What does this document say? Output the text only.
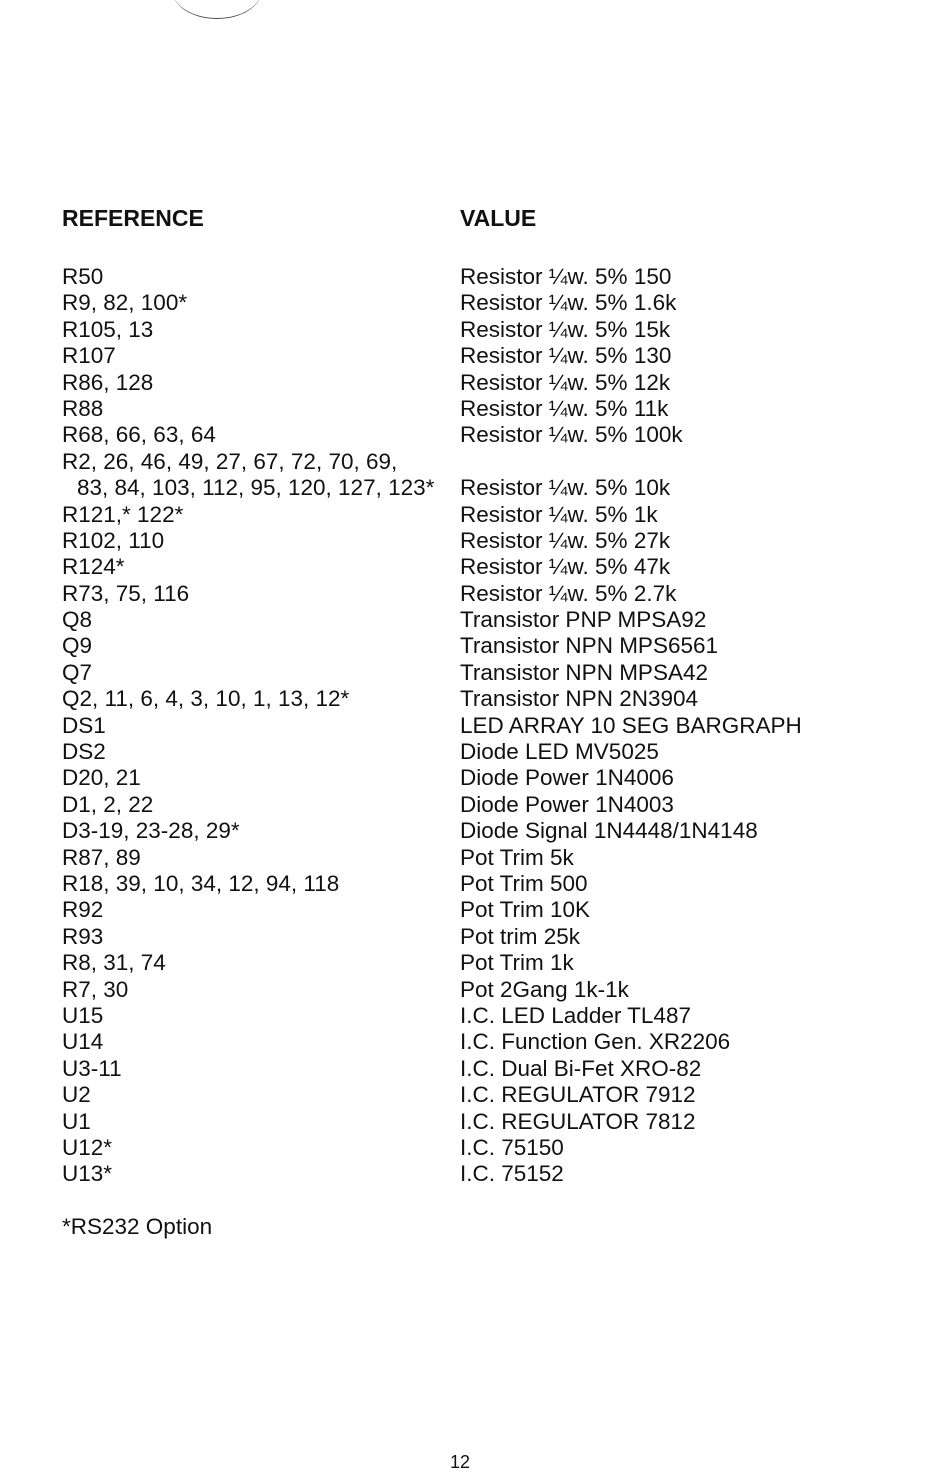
REFERENCE	VALUE
R50	Resistor ¼w. 5% 150
R9, 82, 100*	Resistor ¼w. 5% 1.6k
R105, 13	Resistor ¼w. 5% 15k
R107	Resistor ¼w. 5% 130
R86, 128	Resistor ¼w. 5% 12k
R88	Resistor ¼w. 5% 11k
R68, 66, 63, 64	Resistor ¼w. 5% 100k
R2, 26, 46, 49, 27, 67, 72, 70, 69,
83, 84, 103, 112, 95, 120, 127, 123* Resistor ¼w. 5% 10k
R121,* 122*	Resistor ¼w. 5% 1k
R102, 110	Resistor ¼w. 5% 27k
R124*	Resistor ¼w. 5% 47k
R73, 75, 116	Resistor ¼w. 5% 2.7k
Q8	Transistor PNP MPSA92
Q9	Transistor NPN MPS6561
Q7	Transistor NPN MPSA42
Q2, 11, 6, 4, 3, 10, 1, 13, 12*	Transistor NPN 2N3904
DS1	LED ARRAY 10 SEG BARGRAPH
DS2	Diode LED MV5025
D20, 21	Diode Power 1N4006
D1, 2, 22	Diode Power 1N4003
D3-19, 23-28, 29*	Diode Signal 1N4448/1N4148
R87, 89	Pot Trim 5k
R18, 39, 10, 34, 12, 94, 118	Pot Trim 500
R92	Pot Trim 10K
R93	Pot trim 25k
R8, 31, 74	Pot Trim 1k
R7, 30	Pot 2Gang 1k-1k
U15	I.C. LED Ladder TL487
U14	I.C. Function Gen. XR2206
U3-11	I.C. Dual Bi-Fet XRO-82
U2	I.C. REGULATOR 7912
U1	I.C. REGULATOR 7812
U12*	I.C. 75150
U13*	I.C. 75152
*RS232 Option
12
